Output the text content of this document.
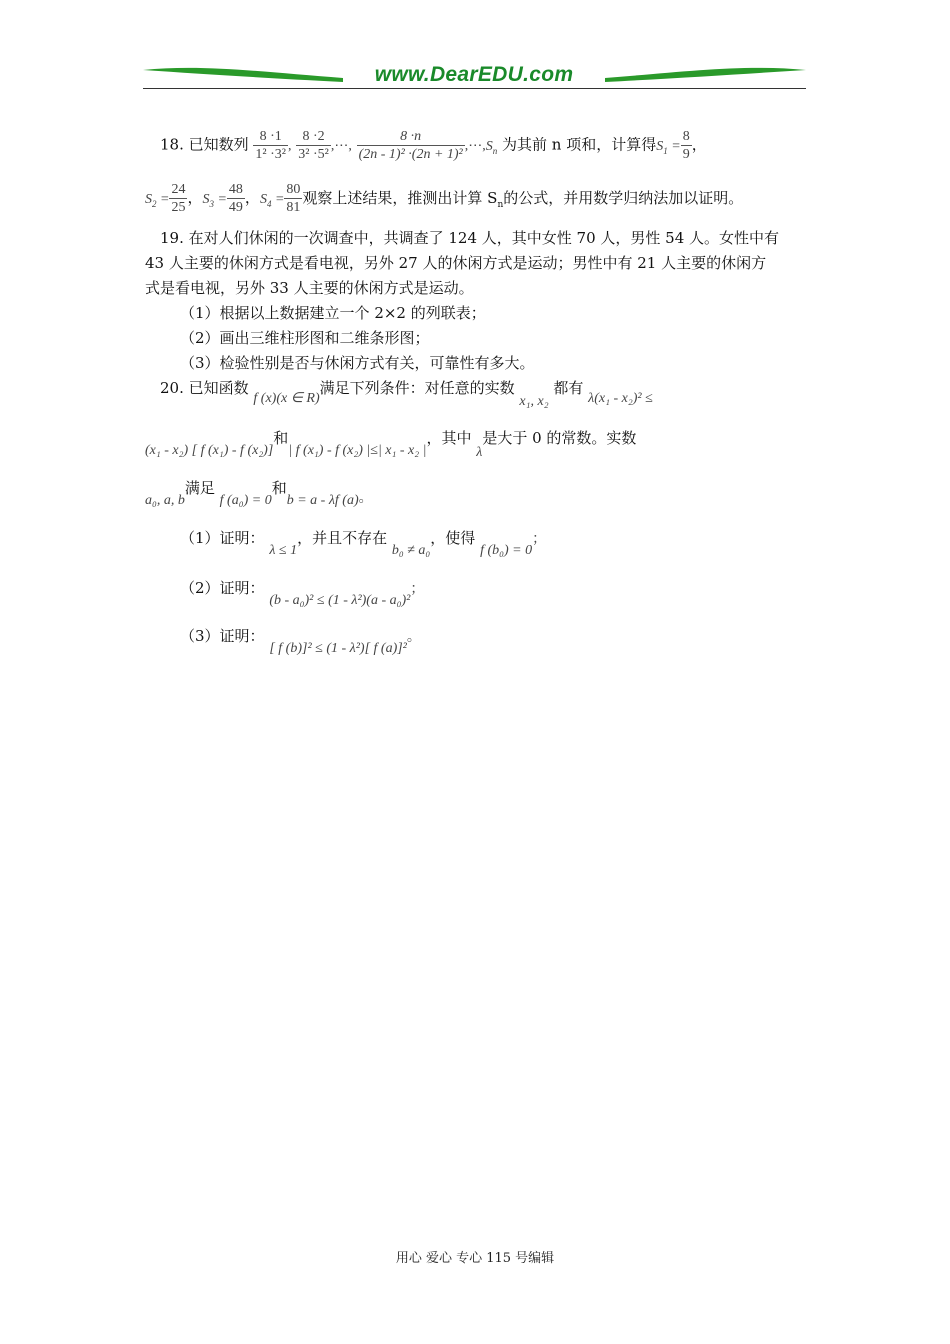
www.DearEDU.com
18. 已知数列 $\frac{8 \cdot 1}{\text{1² ·3²}}$ , $\frac{8 \cdot 2}{\text{3² ·5²}}$ ,⋯, $\frac{8 \cdot n}{\text{(2n - 1)² ·(2n + 1)²}}$ $,\cdots,S_n$ 为其前 n 项和，计算得$S_1 = \frac{8}{9}$ ，
$S_2 = \frac{24}{25}$ ，$S_3 = \frac{48}{49}$ ，$S_4 = \frac{80}{81}$ 观察上述结果，推测出计算 $S_n$的公式，并用数学归纳法加以证明。
19. 在对人们休闲的一次调查中，共调查了 124 人，其中女性 70 人，男性 54 人。女性中有
43 人主要的休闲方式是看电视，另外 27 人的休闲方式是运动；男性中有 21 人主要的休闲方
式是看电视，另外 33 人主要的休闲方式是运动。
（1）根据以上数据建立一个 2×2 的列联表；
（2）画出三维柱形图和二维条形图；
（3）检验性别是否与休闲方式有关，可靠性有多大。
20. 已知函数 f (x)(x ∈ R)满足下列条件：对任意的实数 x₁, x₂ 都有 λ(x₁ - x₂)² ≤
(x₁ - x₂) [ f (x₁) - f (x₂)]和| f (x₁) - f (x₂) |≤| x₁ - x₂ |，其中 λ是大于 0 的常数。实数
a₀, a, b满足 f (a₀) = 0和b = a - λf (a)。
（1）证明： λ ≤ 1，并且不存在 b₀ ≠ a₀，使得 f (b₀) = 0；
（2）证明： (b - a₀)² ≤ (1 - λ²)(a - a₀)²；
（3）证明： [ f (b)]² ≤ (1 - λ²)[ f (a)]²。
用心 爱心 专心 115 号编辑
